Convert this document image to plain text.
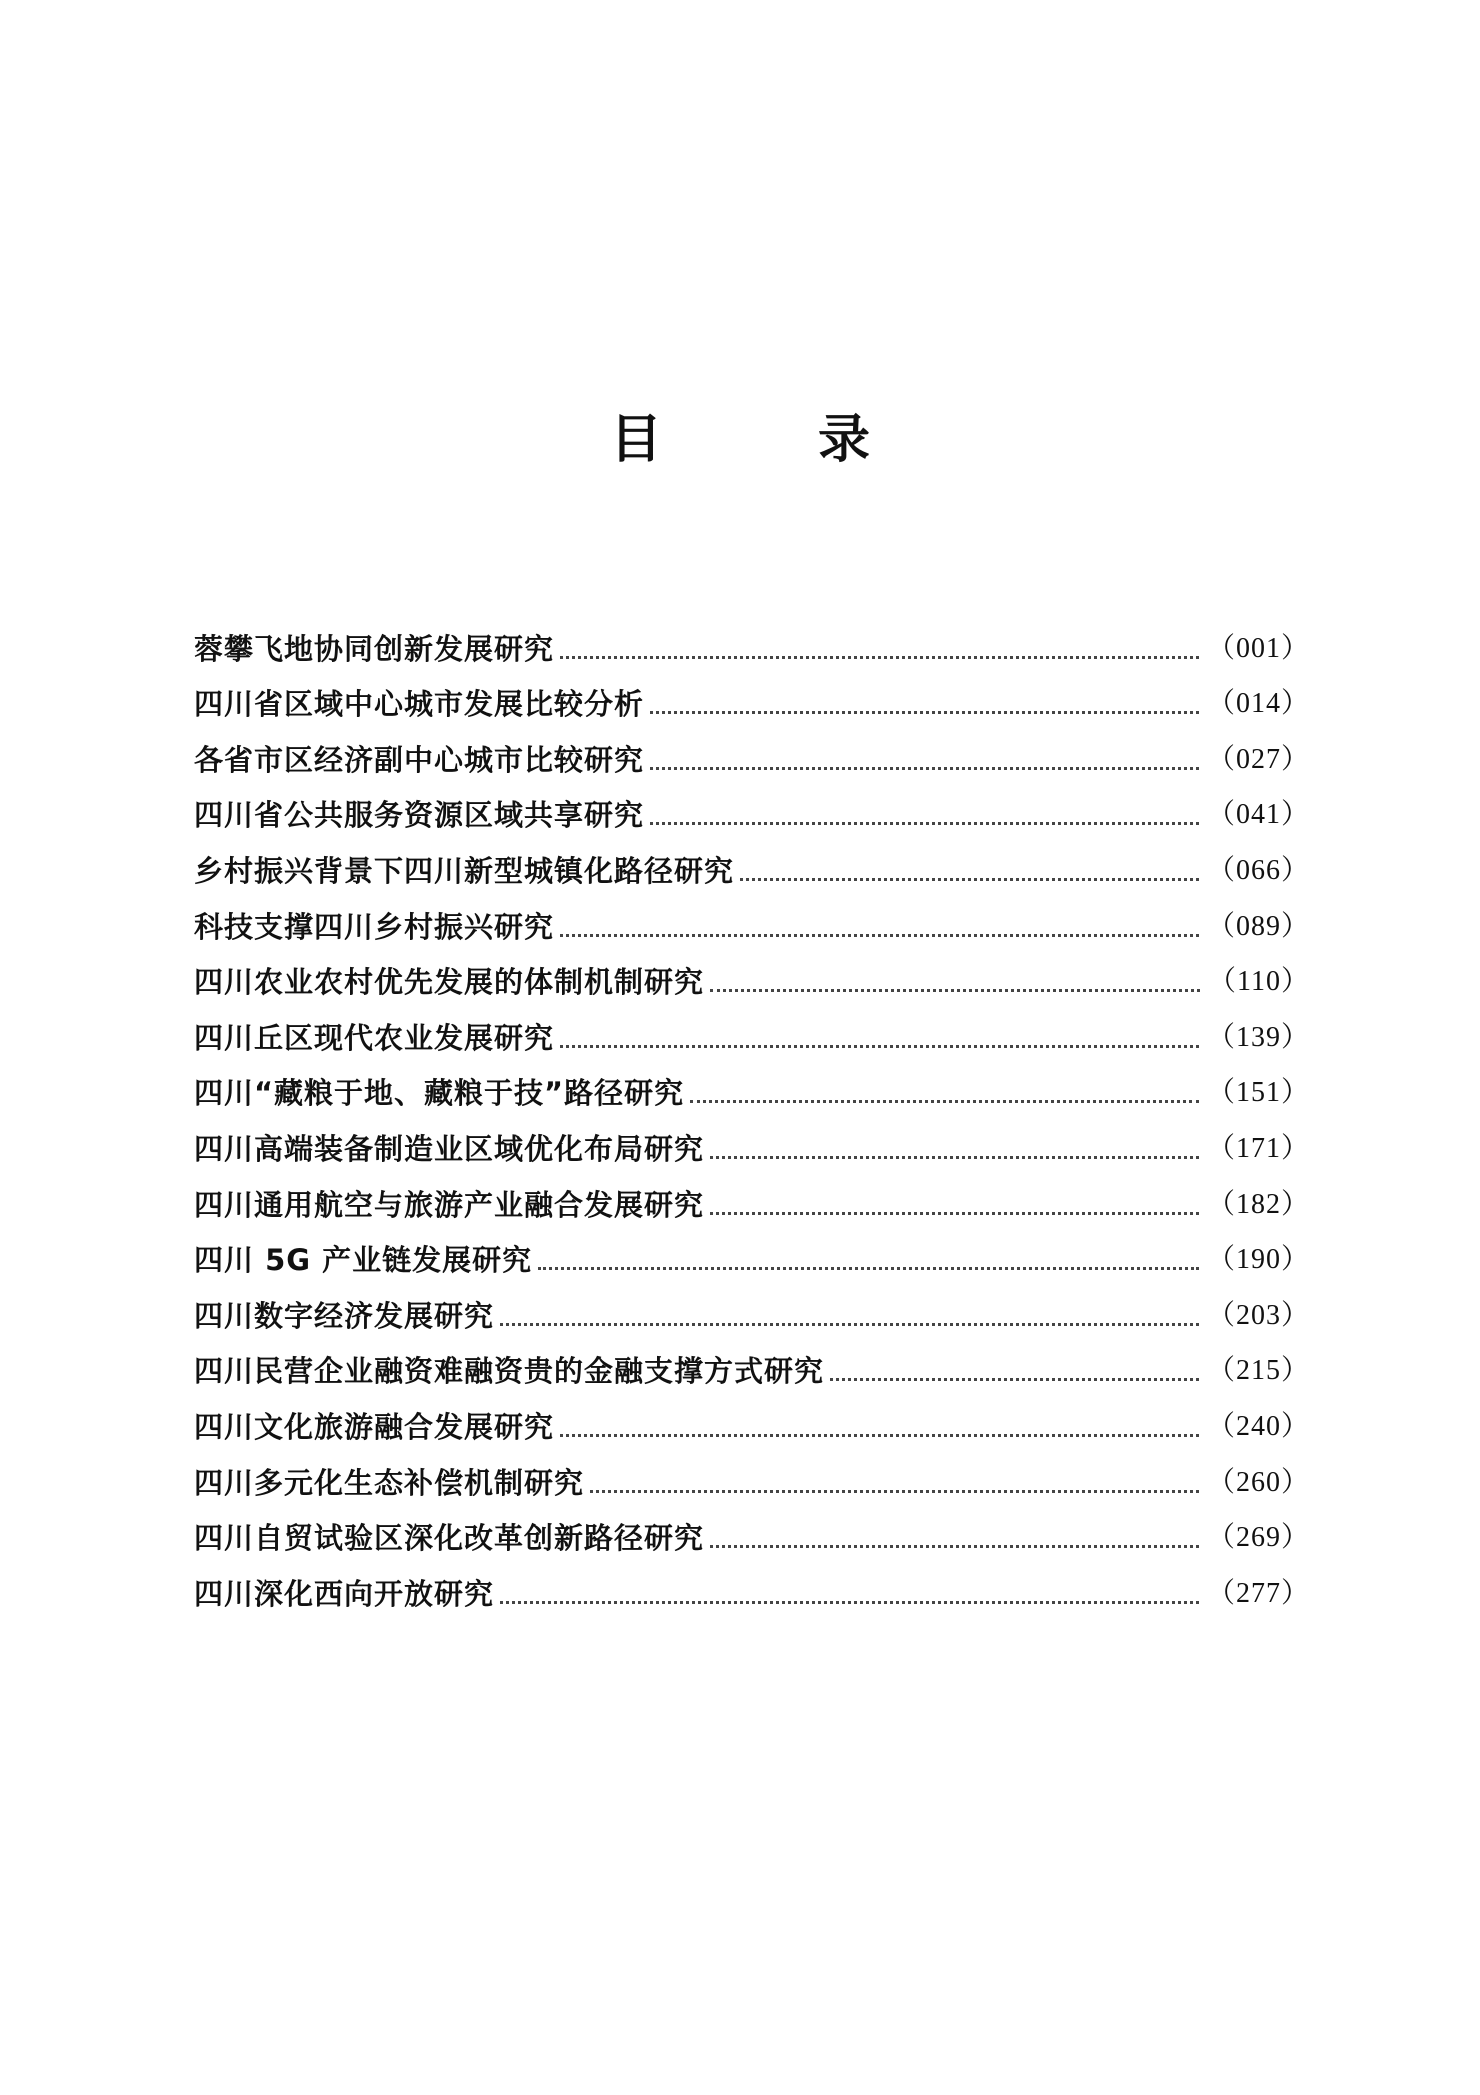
目　录
蓉攀飞地协同创新发展研究	（001）
四川省区域中心城市发展比较分析	（014）
各省市区经济副中心城市比较研究	（027）
四川省公共服务资源区域共享研究	（041）
乡村振兴背景下四川新型城镇化路径研究	（066）
科技支撑四川乡村振兴研究	（089）
四川农业农村优先发展的体制机制研究	（110）
四川丘区现代农业发展研究	（139）
四川“藏粮于地、藏粮于技”路径研究	（151）
四川高端装备制造业区域优化布局研究	（171）
四川通用航空与旅游产业融合发展研究	（182）
四川 5G 产业链发展研究	（190）
四川数字经济发展研究	（203）
四川民营企业融资难融资贵的金融支撑方式研究	（215）
四川文化旅游融合发展研究	（240）
四川多元化生态补偿机制研究	（260）
四川自贸试验区深化改革创新路径研究	（269）
四川深化西向开放研究	（277）
